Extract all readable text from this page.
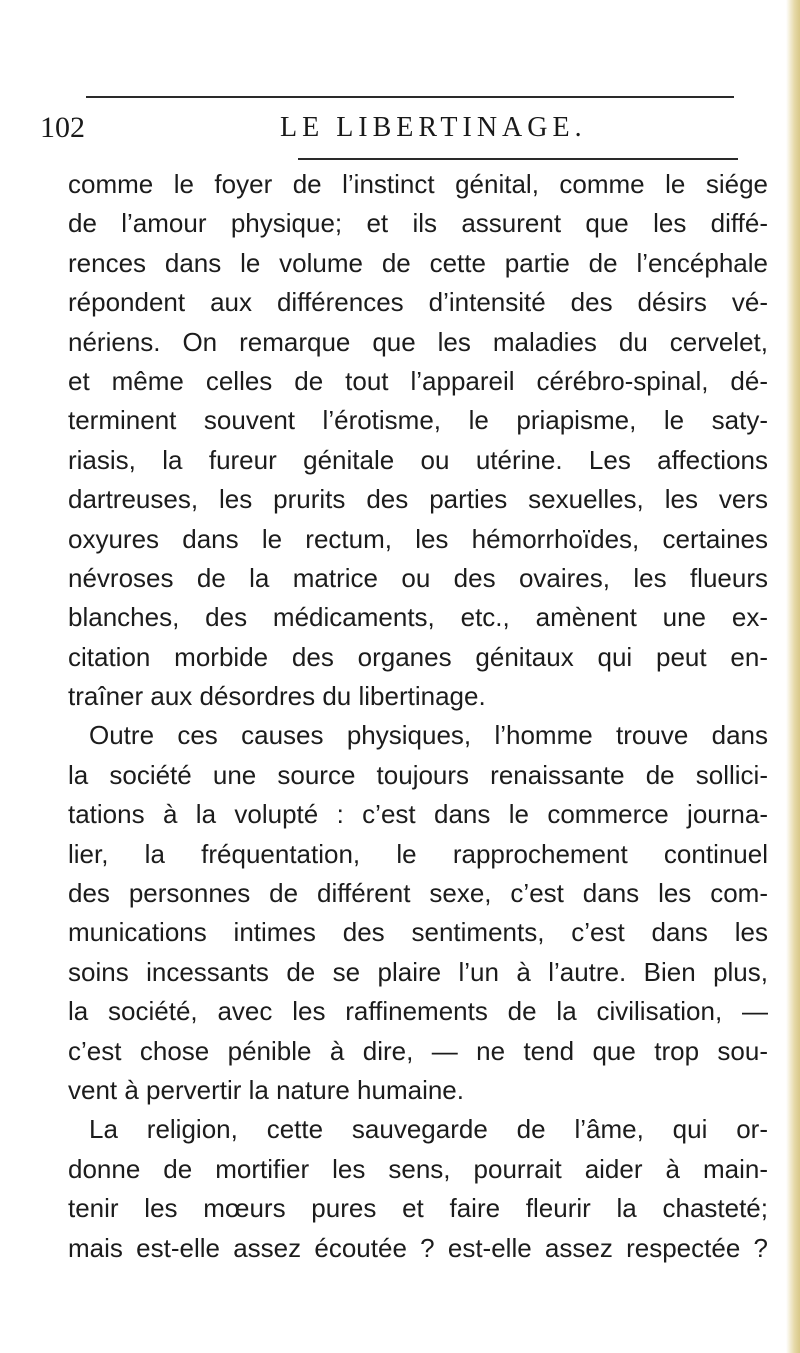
102	LE LIBERTINAGE.
comme le foyer de l’instinct génital, comme le siége
de l’amour physique; et ils assurent que les diffé-
rences dans le volume de cette partie de l’encéphale
répondent aux différences d’intensité des désirs vé-
nériens. On remarque que les maladies du cervelet,
et même celles de tout l’appareil cérébro-spinal, dé-
terminent souvent l’érotisme, le priapisme, le saty-
riasis, la fureur génitale ou utérine. Les affections
dartreuses, les prurits des parties sexuelles, les vers
oxyures dans le rectum, les hémorrhoïdes, certaines
névroses de la matrice ou des ovaires, les flueurs
blanches, des médicaments, etc., amènent une ex-
citation morbide des organes génitaux qui peut en-
traîner aux désordres du libertinage.
Outre ces causes physiques, l’homme trouve dans
la société une source toujours renaissante de sollici-
tations à la volupté : c’est dans le commerce journa-
lier, la fréquentation, le rapprochement continuel
des personnes de différent sexe, c’est dans les com-
munications intimes des sentiments, c’est dans les
soins incessants de se plaire l’un à l’autre. Bien plus,
la société, avec les raffinements de la civilisation, —
c’est chose pénible à dire, — ne tend que trop sou-
vent à pervertir la nature humaine.
La religion, cette sauvegarde de l’âme, qui or-
donne de mortifier les sens, pourrait aider à main-
tenir les mœurs pures et faire fleurir la chasteté;
mais est-elle assez écoutée ? est-elle assez respectée ?
